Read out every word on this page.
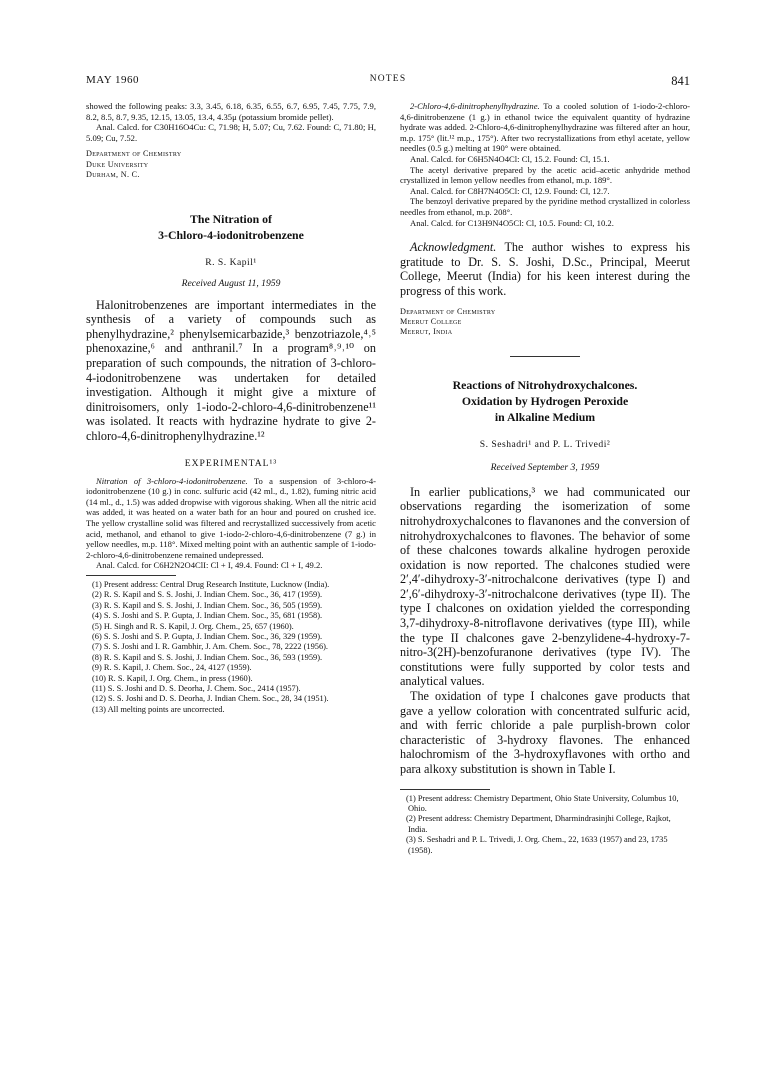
MAY 1960	NOTES	841

showed the following peaks: 3.3, 3.45, 6.18, 6.35, 6.55, 6.7, 6.95, 7.45, 7.75, 7.9, 8.2, 8.5, 8.7, 9.35, 12.15, 13.05, 13.4, 4.35μ (potassium bromide pellet).

Anal. Calcd. for C30H16O4Cu: C, 71.98; H, 5.07; Cu, 7.62. Found: C, 71.80; H, 5.09; Cu, 7.52.

Department of Chemistry

Duke University

Durham, N. C.

The Nitration of

3-Chloro-4-iodonitrobenzene

R. S. Kapil¹

Received August 11, 1959

Halonitrobenzenes are important intermediates in the synthesis of a variety of compounds such as phenylhydrazine,² phenylsemicarbazide,³ benzotriazole,⁴˒⁵ phenoxazine,⁶ and anthranil.⁷ In a program⁸˒⁹˒¹⁰ on preparation of such compounds, the nitration of 3-chloro-4-iodonitrobenzene was undertaken for detailed investigation. Although it might give a mixture of dinitroisomers, only 1-iodo-2-chloro-4,6-dinitrobenzene¹¹ was isolated. It reacts with hydrazine hydrate to give 2-chloro-4,6-dinitrophenylhydrazine.¹²

EXPERIMENTAL¹³

Nitration of 3-chloro-4-iodonitrobenzene. To a suspension of 3-chloro-4-iodonitrobenzene (10 g.) in conc. sulfuric acid (42 ml., d., 1.82), fuming nitric acid (14 ml., d., 1.5) was added dropwise with vigorous shaking. When all the nitric acid was added, it was heated on a water bath for an hour and poured on crushed ice. The yellow crystalline solid was filtered and recrystallized successively from acetic acid, methanol, and ethanol to give 1-iodo-2-chloro-4,6-dinitrobenzene (7 g.) in yellow needles, m.p. 118°. Mixed melting point with an authentic sample of 1-iodo-2-chloro-4,6-dinitrobenzene remained undepressed.

Anal. Calcd. for C6H2N2O4ClI: Cl + I, 49.4. Found: Cl + I, 49.2.

(1) Present address: Central Drug Research Institute, Lucknow (India).

(2) R. S. Kapil and S. S. Joshi, J. Indian Chem. Soc., 36, 417 (1959).

(3) R. S. Kapil and S. S. Joshi, J. Indian Chem. Soc., 36, 505 (1959).

(4) S. S. Joshi and S. P. Gupta, J. Indian Chem. Soc., 35, 681 (1958).

(5) H. Singh and R. S. Kapil, J. Org. Chem., 25, 657 (1960).

(6) S. S. Joshi and S. P. Gupta, J. Indian Chem. Soc., 36, 329 (1959).

(7) S. S. Joshi and I. R. Gambhir, J. Am. Chem. Soc., 78, 2222 (1956).

(8) R. S. Kapil and S. S. Joshi, J. Indian Chem. Soc., 36, 593 (1959).

(9) R. S. Kapil, J. Chem. Soc., 24, 4127 (1959).

(10) R. S. Kapil, J. Org. Chem., in press (1960).

(11) S. S. Joshi and D. S. Deorha, J. Chem. Soc., 2414 (1957).

(12) S. S. Joshi and D. S. Deorha, J. Indian Chem. Soc., 28, 34 (1951).

(13) All melting points are uncorrected.

2-Chloro-4,6-dinitrophenylhydrazine. To a cooled solution of 1-iodo-2-chloro-4,6-dinitrobenzene (1 g.) in ethanol twice the equivalent quantity of hydrazine hydrate was added. 2-Chloro-4,6-dinitrophenylhydrazine was filtered after an hour, m.p. 175° (lit.¹² m.p., 175°). After two recrystallizations from ethyl acetate, yellow needles (0.5 g.) melting at 190° were obtained.

Anal. Calcd. for C6H5N4O4Cl: Cl, 15.2. Found: Cl, 15.1.

The acetyl derivative prepared by the acetic acid–acetic anhydride method crystallized in lemon yellow needles from ethanol, m.p. 189°.

Anal. Calcd. for C8H7N4O5Cl: Cl, 12.9. Found: Cl, 12.7.

The benzoyl derivative prepared by the pyridine method crystallized in colorless needles from ethanol, m.p. 208°.

Anal. Calcd. for C13H9N4O5Cl: Cl, 10.5. Found: Cl, 10.2.

Acknowledgment. The author wishes to express his gratitude to Dr. S. S. Joshi, D.Sc., Principal, Meerut College, Meerut (India) for his keen interest during the progress of this work.

Department of Chemistry

Meerut College

Meerut, India

Reactions of Nitrohydroxychalcones.

Oxidation by Hydrogen Peroxide

in Alkaline Medium

S. Seshadri¹ and P. L. Trivedi²

Received September 3, 1959

In earlier publications,³ we had communicated our observations regarding the isomerization of some nitrohydroxychalcones to flavanones and the conversion of nitrohydroxychalcones to flavones. The behavior of some of these chalcones towards alkaline hydrogen peroxide oxidation is now reported. The chalcones studied were 2′,4′-dihydroxy-3′-nitrochalcone derivatives (type I) and 2′,6′-dihydroxy-3′-nitrochalcone derivatives (type II). The type I chalcones on oxidation yielded the corresponding 3,7-dihydroxy-8-nitroflavone derivatives (type III), while the type II chalcones gave 2-benzylidene-4-hydroxy-7-nitro-3(2H)-benzofuranone derivatives (type IV). The constitutions were fully supported by color tests and analytical values.

The oxidation of type I chalcones gave products that gave a yellow coloration with concentrated sulfuric acid, and with ferric chloride a pale purplish-brown color characteristic of 3-hydroxy flavones. The enhanced halochromism of the 3-hydroxyflavones with ortho and para alkoxy substitution is shown in Table I.

(1) Present address: Chemistry Department, Ohio State University, Columbus 10, Ohio.

(2) Present address: Chemistry Department, Dharmindrasinjhi College, Rajkot, India.

(3) S. Seshadri and P. L. Trivedi, J. Org. Chem., 22, 1633 (1957) and 23, 1735 (1958).
